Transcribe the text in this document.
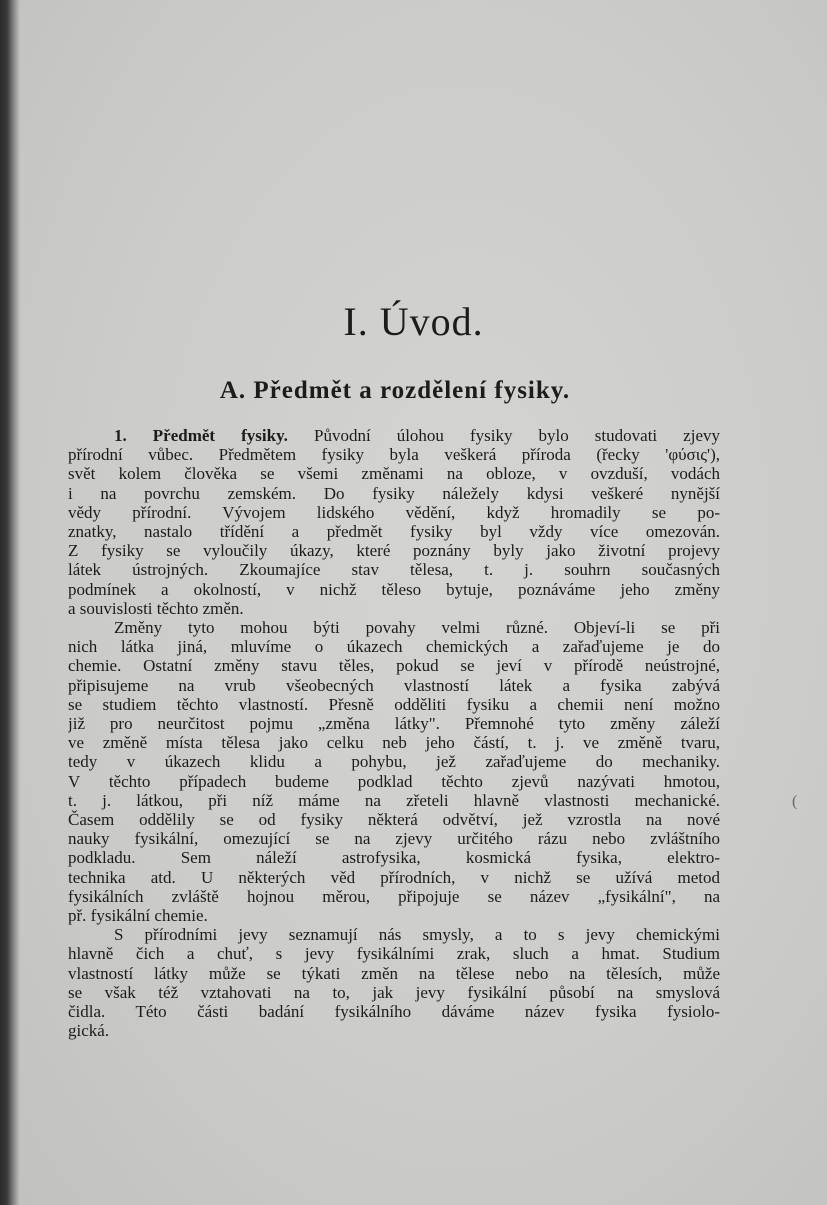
I. Úvod.
A. Předmět a rozdělení fysiky.
1. Předmět fysiky. Původní úlohou fysiky bylo studovati zjevy
přírodní vůbec. Předmětem fysiky byla veškerá příroda (řecky 'φύσις'),
svět kolem člověka se všemi změnami na obloze, v ovzduší, vodách
i na povrchu zemském. Do fysiky náležely kdysi veškeré nynější
vědy přírodní. Vývojem lidského vědění, když hromadily se po-
znatky, nastalo třídění a předmět fysiky byl vždy více omezován.
Z fysiky se vyloučily úkazy, které poznány byly jako životní projevy
látek ústrojných. Zkoumajíce stav tělesa, t. j. souhrn současných
podmínek a okolností, v nichž těleso bytuje, poznáváme jeho změny
a souvislosti těchto změn.
Změny tyto mohou býti povahy velmi různé. Objeví-li se při
nich látka jiná, mluvíme o úkazech chemických a zařaďujeme je do
chemie. Ostatní změny stavu těles, pokud se jeví v přírodě neústrojné,
připisujeme na vrub všeobecných vlastností látek a fysika zabývá
se studiem těchto vlastností. Přesně odděliti fysiku a chemii není možno
již pro neurčitost pojmu „změna látky". Přemnohé tyto změny záleží
ve změně místa tělesa jako celku neb jeho částí, t. j. ve změně tvaru,
tedy v úkazech klidu a pohybu, jež zařaďujeme do mechaniky.
V těchto případech budeme podklad těchto zjevů nazývati hmotou,
t. j. látkou, při níž máme na zřeteli hlavně vlastnosti mechanické.
Časem oddělily se od fysiky některá odvětví, jež vzrostla na nové
nauky fysikální, omezující se na zjevy určitého rázu nebo zvláštního
podkladu. Sem náleží astrofysika, kosmická fysika, elektro-
technika atd. U některých věd přírodních, v nichž se užívá metod
fysikálních zvláště hojnou měrou, připojuje se název „fysikální", na
př. fysikální chemie.
S přírodními jevy seznamují nás smysly, a to s jevy chemickými
hlavně čich a chuť, s jevy fysikálními zrak, sluch a hmat. Studium
vlastností látky může se týkati změn na tělese nebo na tělesích, může
se však též vztahovati na to, jak jevy fysikální působí na smyslová
čidla. Této části badání fysikálního dáváme název fysika fysiolo-
gická.
(
